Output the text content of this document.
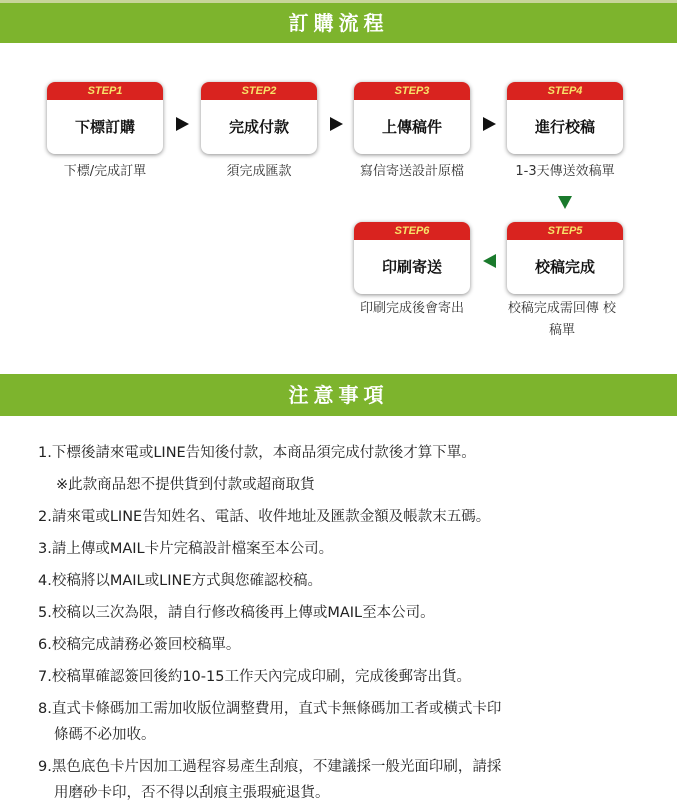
訂購流程
STEP1
下標訂購
STEP2
完成付款
STEP3
上傳稿件
STEP4
進行校稿
下標/完成訂單	須完成匯款	寫信寄送設計原檔	1-3天傳送效稿單
STEP6
印刷寄送
STEP5
校稿完成
印刷完成後會寄出	校稿完成需回傳 校稿單
注意事項
1.下標後請來電或LINE告知後付款，本商品須完成付款後才算下單。
※此款商品恕不提供貨到付款或超商取貨
2.請來電或LINE告知姓名、電話、收件地址及匯款金額及帳款末五碼。
3.請上傳或MAIL卡片完稿設計檔案至本公司。
4.校稿將以MAIL或LINE方式與您確認校稿。
5.校稿以三次為限，請自行修改稿後再上傳或MAIL至本公司。
6.校稿完成請務必簽回校稿單。
7.校稿單確認簽回後約10-15工作天內完成印刷，完成後郵寄出貨。
8.直式卡條碼加工需加收版位調整費用，直式卡無條碼加工者或橫式卡印
條碼不必加收。
9.黑色底色卡片因加工過程容易產生刮痕，不建議採一般光面印刷，請採
用磨砂卡印，否不得以刮痕主張瑕疵退貨。
